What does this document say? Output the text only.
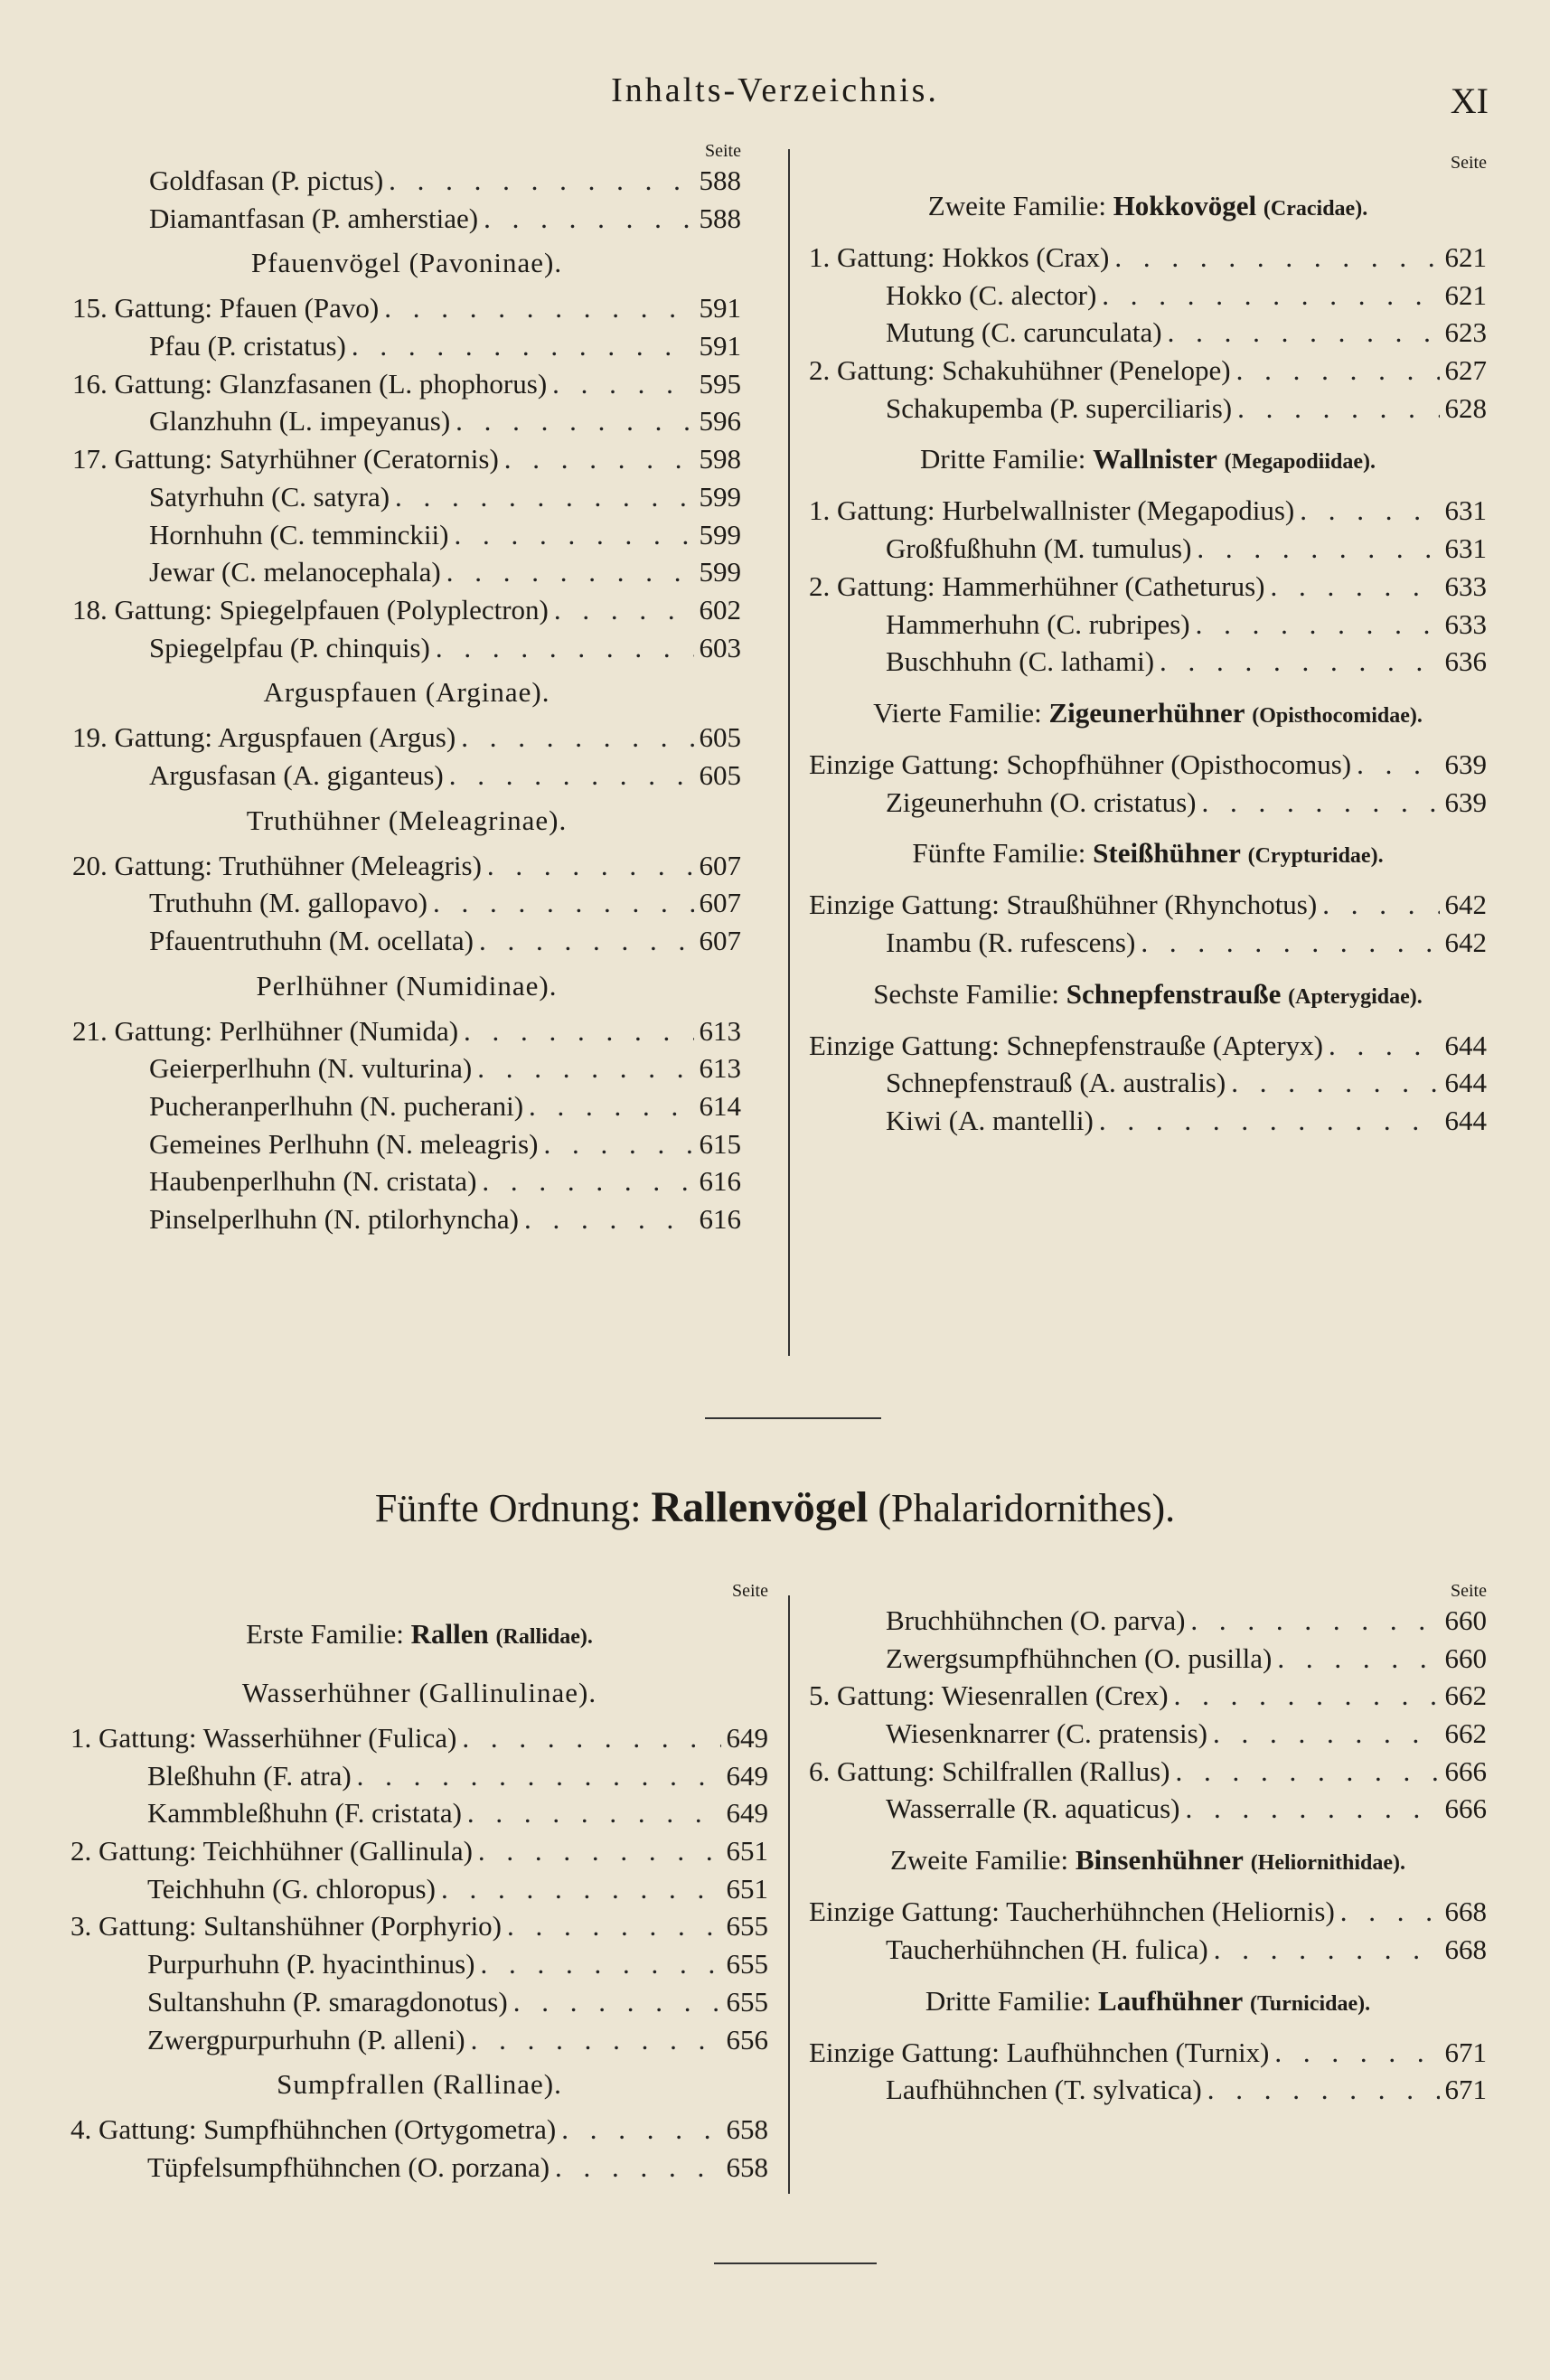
Inhalts-Verzeichnis.	XI
Seite
Goldfasan (P. pictus) . . .	588
Diamantfasan (P. amherstiae) . . .	588
Pfauenvögel (Pavoninae).
15. Gattung: Pfauen (Pavo) . . .	591
Pfau (P. cristatus) . . .	591
16. Gattung: Glanzfasanen (L. phophorus) . . .	595
Glanzhuhn (L. impeyanus) . . .	596
17. Gattung: Satyrhühner (Ceratornis) . . .	598
Satyrhuhn (C. satyra) . . .	599
Hornhuhn (C. temminckii) . . .	599
Jewar (C. melanocephala) . . .	599
18. Gattung: Spiegelpfauen (Polyplectron) . . .	602
Spiegelpfau (P. chinquis) . . .	603
Arguspfauen (Arginae).
19. Gattung: Arguspfauen (Argus) . . .	605
Argusfasan (A. giganteus) . . .	605
Truthühner (Meleagrinae).
20. Gattung: Truthühner (Meleagris) . . .	607
Truthuhn (M. gallopavo) . . .	607
Pfauentruthuhn (M. ocellata) . . .	607
Perlhühner (Numidinae).
21. Gattung: Perlhühner (Numida) . . .	613
Geierperlhuhn (N. vulturina) . . .	613
Pucheranperlhuhn (N. pucherani) . . .	614
Gemeines Perlhuhn (N. meleagris) . . .	615
Haubenperlhuhn (N. cristata) . . .	616
Pinselperlhuhn (N. ptilorhyncha) . . .	616
Seite
Zweite Familie: Hokkovögel (Cracidae).
1. Gattung: Hokkos (Crax) . . .	621
Hokko (C. alector) . . .	621
Mutung (C. carunculata) . . .	623
2. Gattung: Schakuhühner (Penelope) . . .	627
Schakupemba (P. superciliaris) . . .	628
Dritte Familie: Wallnister (Megapodiidae).
1. Gattung: Hurbelwallnister (Megapodius) . . .	631
Großfußhuhn (M. tumulus) . . .	631
2. Gattung: Hammerhühner (Catheturus) . . .	633
Hammerhuhn (C. rubripes) . . .	633
Buschhuhn (C. lathami) . . .	636
Vierte Familie: Zigeunerhühner (Opisthocomidae).
Einzige Gattung: Schopfhühner (Opisthocomus) . . .	639
Zigeunerhuhn (O. cristatus) . . .	639
Fünfte Familie: Steißhühner (Crypturidae).
Einzige Gattung: Straußhühner (Rhynchotus) . . .	642
Inambu (R. rufescens) . . .	642
Sechste Familie: Schnepfenstrauße (Apterygidae).
Einzige Gattung: Schnepfenstrauße (Apteryx) . . .	644
Schnepfenstrauß (A. australis) . . .	644
Kiwi (A. mantelli) . . .	644
Fünfte Ordnung: Rallenvögel (Phalaridornithes).
Seite
Erste Familie: Rallen (Rallidae).
Wasserhühner (Gallinulinae).
1. Gattung: Wasserhühner (Fulica) . . .	649
Bleßhuhn (F. atra) . . .	649
Kammbleßhuhn (F. cristata) . . .	649
2. Gattung: Teichhühner (Gallinula) . . .	651
Teichhuhn (G. chloropus) . . .	651
3. Gattung: Sultanshühner (Porphyrio) . . .	655
Purpurhuhn (P. hyacinthinus) . . .	655
Sultanshuhn (P. smaragdonotus) . . .	655
Zwergpurpurhuhn (P. alleni) . . .	656
Sumpfrallen (Rallinae).
4. Gattung: Sumpfhühnchen (Ortygometra) . . .	658
Tüpfelsumpfhühnchen (O. porzana) . . .	658
Seite
Bruchhühnchen (O. parva) . . .	660
Zwergsumpfhühnchen (O. pusilla) . . .	660
5. Gattung: Wiesenrallen (Crex) . . .	662
Wiesenknarrer (C. pratensis) . . .	662
6. Gattung: Schilfrallen (Rallus) . . .	666
Wasserralle (R. aquaticus) . . .	666
Zweite Familie: Binsenhühner (Heliornithidae).
Einzige Gattung: Taucherhühnchen (Heliornis) . . .	668
Taucherhühnchen (H. fulica) . . .	668
Dritte Familie: Laufhühner (Turnicidae).
Einzige Gattung: Laufhühnchen (Turnix) . . .	671
Laufhühnchen (T. sylvatica) . . .	671
